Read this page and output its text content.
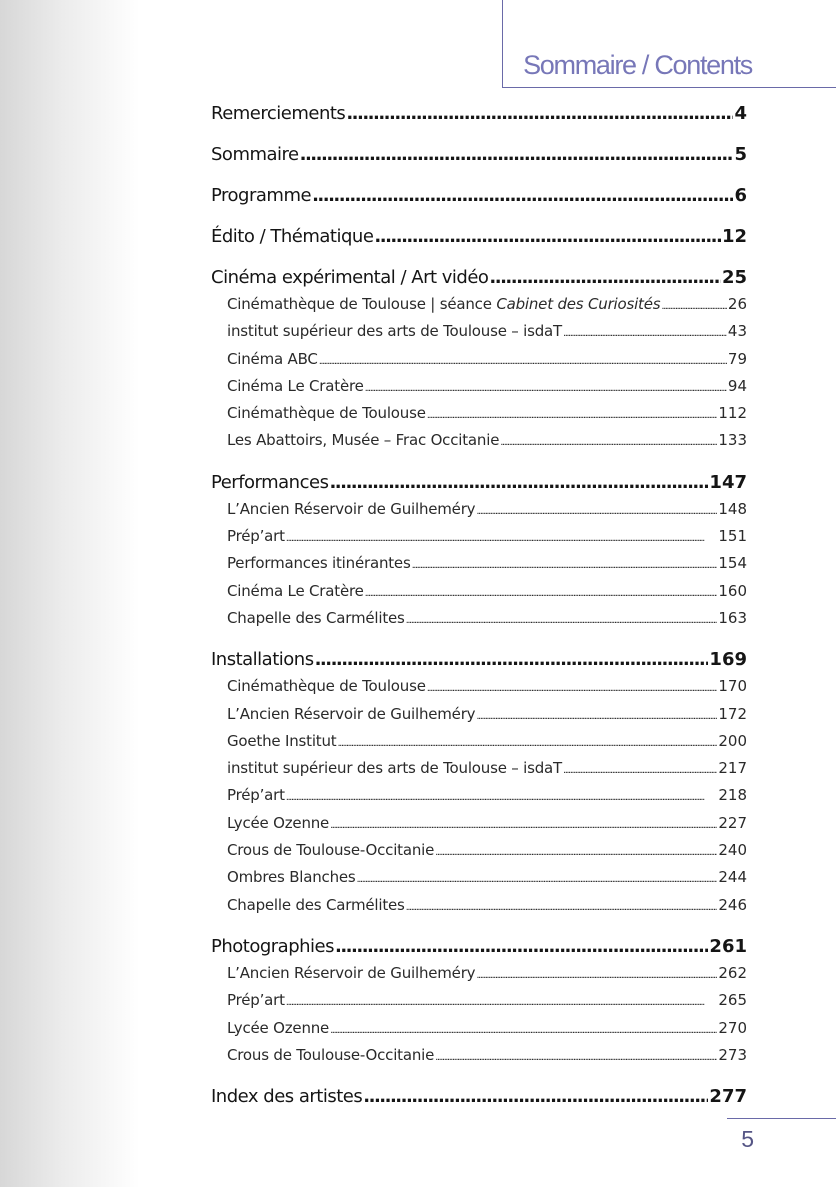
Sommaire / Contents
Remerciements .....	4
Sommaire .....	5
Programme .....	6
Édito / Thématique .....	12
Cinéma expérimental / Art vidéo .....	25
Cinémathèque de Toulouse | séance Cabinet des Curiosités .....	26
institut supérieur des arts de Toulouse – isdaT .....	43
Cinéma ABC .....	79
Cinéma Le Cratère .....	94
Cinémathèque de Toulouse .....	112
Les Abattoirs, Musée – Frac Occitanie .....	133
Performances .....	147
L’Ancien Réservoir de Guilheméry .....	148
Prép’art .....	151
Performances itinérantes .....	154
Cinéma Le Cratère .....	160
Chapelle des Carmélites .....	163
Installations .....	169
Cinémathèque de Toulouse .....	170
L’Ancien Réservoir de Guilheméry .....	172
Goethe Institut .....	200
institut supérieur des arts de Toulouse – isdaT .....	217
Prép’art .....	218
Lycée Ozenne .....	227
Crous de Toulouse-Occitanie .....	240
Ombres Blanches .....	244
Chapelle des Carmélites .....	246
Photographies .....	261
L’Ancien Réservoir de Guilheméry .....	262
Prép’art .....	265
Lycée Ozenne .....	270
Crous de Toulouse-Occitanie .....	273
Index des artistes .....	277
5
